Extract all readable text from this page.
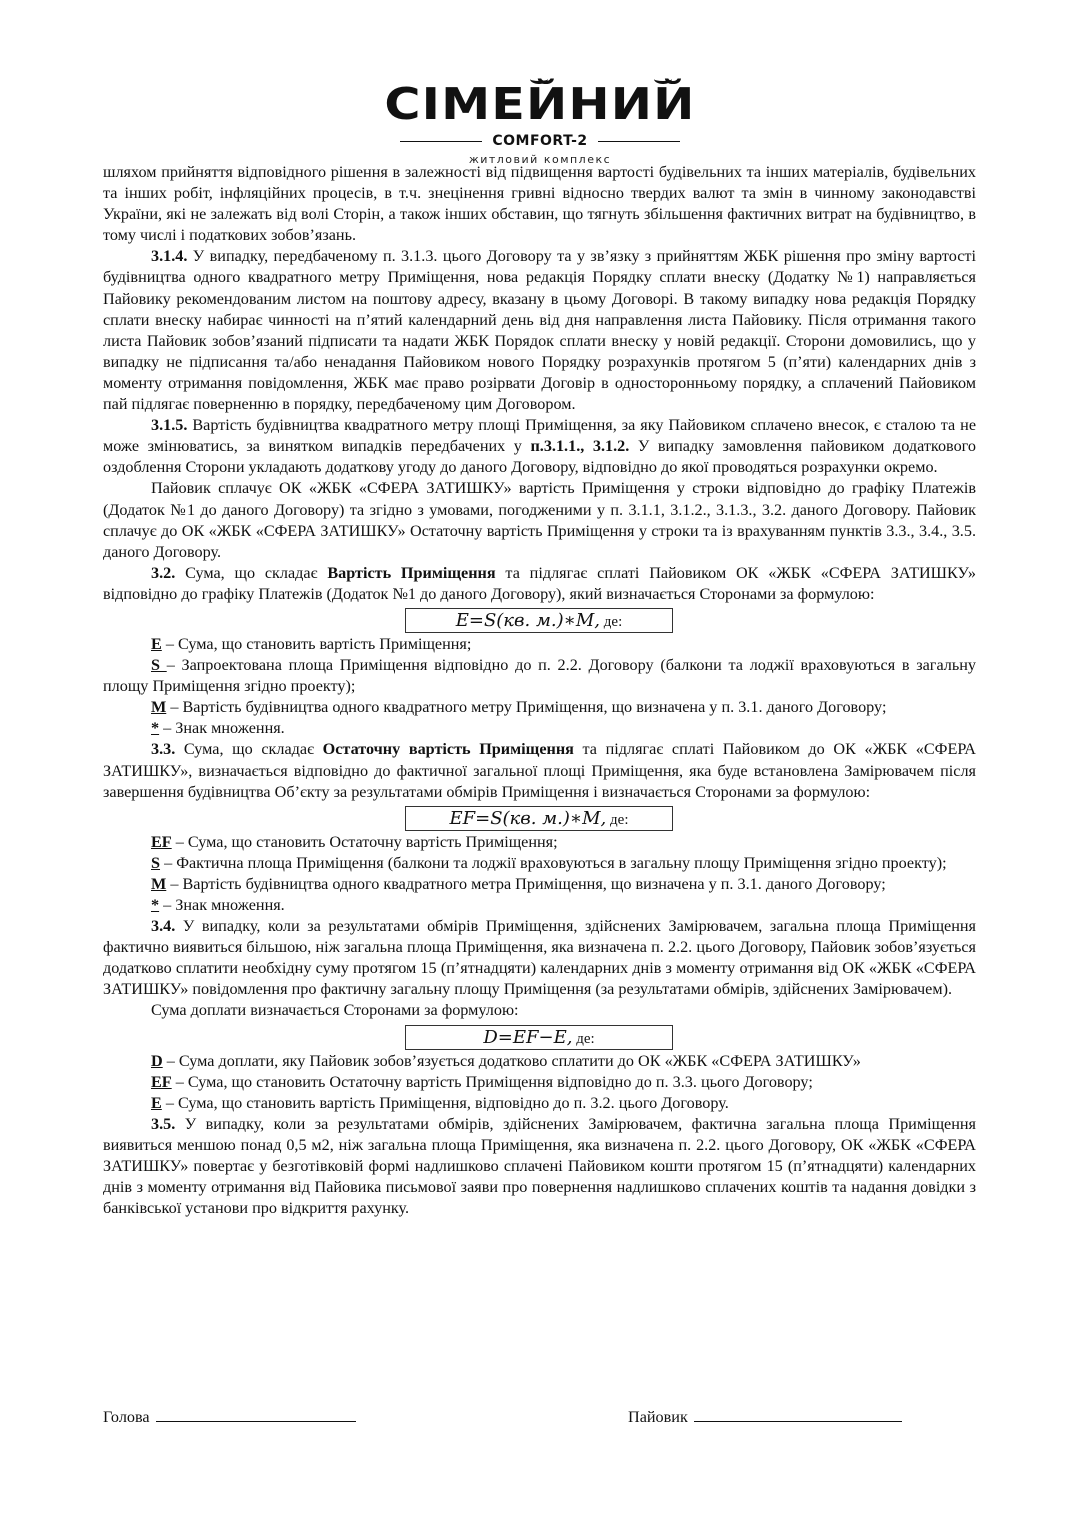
СІМЕЙНИЙ
COMFORT-2
житловий комплекс

шляхом прийняття відповідного рішення в залежності від підвищення вартості будівельних та інших матеріалів, будівельних та інших робіт, інфляційних процесів, в т.ч. знецінення гривні відносно твердих валют та змін в чинному законодавстві України, які не залежать від волі Сторін, а також інших обставин, що тягнуть збільшення фактичних витрат на будівництво, в тому числі і податкових зобов’язань.

3.1.4. У випадку, передбаченому п. 3.1.3. цього Договору та у зв’язку з прийняттям ЖБК рішення про зміну вартості будівництва одного квадратного метру Приміщення, нова редакція Порядку сплати внеску (Додатку №1) направляється Пайовику рекомендованим листом на поштову адресу, вказану в цьому Договорі. В такому випадку нова редакція Порядку сплати внеску набирає чинності на п’ятий календарний день від дня направлення листа Пайовику. Після отримання такого листа Пайовик зобов’язаний підписати та надати ЖБК Порядок сплати внеску у новій редакції. Сторони домовились, що у випадку не підписання та/або ненадання Пайовиком нового Порядку розрахунків протягом 5 (п’яти) календарних днів з моменту отримання повідомлення, ЖБК має право розірвати Договір в односторонньому порядку, а сплачений Пайовиком пай підлягає поверненню в порядку, передбаченому цим Договором.

3.1.5. Вартість будівництва квадратного метру площі Приміщення, за яку Пайовиком сплачено внесок, є сталою та не може змінюватись, за винятком випадків передбачених у п.3.1.1., 3.1.2. У випадку замовлення пайовиком додаткового оздоблення Сторони укладають додаткову угоду до даного Договору, відповідно до якої проводяться розрахунки окремо.

Пайовик сплачує ОК «ЖБК «СФЕРА ЗАТИШКУ» вартість Приміщення у строки відповідно до графіку Платежів (Додаток №1 до даного Договору) та згідно з умовами, погодженими у п. 3.1.1, 3.1.2., 3.1.3., 3.2. даного Договору. Пайовик сплачує до ОК «ЖБК «СФЕРА ЗАТИШКУ» Остаточну вартість Приміщення у строки та із врахуванням пунктів 3.3., 3.4., 3.5. даного Договору.

3.2. Сума, що складає Вартість Приміщення та підлягає сплаті Пайовиком ОК «ЖБК «СФЕРА ЗАТИШКУ» відповідно до графіку Платежів (Додаток №1 до даного Договору), який визначається Сторонами за формулою:

E=S(кв. м.)∗M, де:

E – Сума, що становить вартість Приміщення;

S – Запроектована площа Приміщення відповідно до п. 2.2. Договору (балкони та лоджії враховуються в загальну площу Приміщення згідно проекту);

M – Вартість будівництва одного квадратного метру Приміщення, що визначена у п. 3.1. даного Договору;

* – Знак множення.

3.3. Сума, що складає Остаточну вартість Приміщення та підлягає сплаті Пайовиком до ОК «ЖБК «СФЕРА ЗАТИШКУ», визначається відповідно до фактичної загальної площі Приміщення, яка буде встановлена Замірювачем після завершення будівництва Об’єкту за результатами обмірів Приміщення і визначається Сторонами за формулою:

EF=S(кв. м.)∗M, де:

EF – Сума, що становить Остаточну вартість Приміщення;

S – Фактична площа Приміщення (балкони та лоджії враховуються в загальну площу Приміщення згідно проекту);

M – Вартість будівництва одного квадратного метра Приміщення, що визначена у п. 3.1. даного Договору;

* – Знак множення.

3.4. У випадку, коли за результатами обмірів Приміщення, здійснених Замірювачем, загальна площа Приміщення фактично виявиться більшою, ніж загальна площа Приміщення, яка визначена п. 2.2. цього Договору, Пайовик зобов’язується додатково сплатити необхідну суму протягом 15 (п’ятнадцяти) календарних днів з моменту отримання від ОК «ЖБК «СФЕРА ЗАТИШКУ» повідомлення про фактичну загальну площу Приміщення (за результатами обмірів, здійснених Замірювачем).

Сума доплати визначається Сторонами за формулою:

D=EF−E, де:

D – Сума доплати, яку Пайовик зобов’язується додатково сплатити до ОК «ЖБК «СФЕРА ЗАТИШКУ»

EF – Сума, що становить Остаточну вартість Приміщення відповідно до п. 3.3. цього Договору;

E – Сума, що становить вартість Приміщення, відповідно до п. 3.2. цього Договору.

3.5. У випадку, коли за результатами обмірів, здійснених Замірювачем, фактична загальна площа Приміщення виявиться меншою понад 0,5 м2, ніж загальна площа Приміщення, яка визначена п. 2.2. цього Договору, ОК «ЖБК «СФЕРА ЗАТИШКУ» повертає у безготівковій формі надлишково сплачені Пайовиком кошти протягом 15 (п’ятнадцяти) календарних днів з моменту отримання від Пайовика письмової заяви про повернення надлишково сплачених коштів та надання довідки з банківської установи про відкриття рахунку.

Голова	Пайовик
